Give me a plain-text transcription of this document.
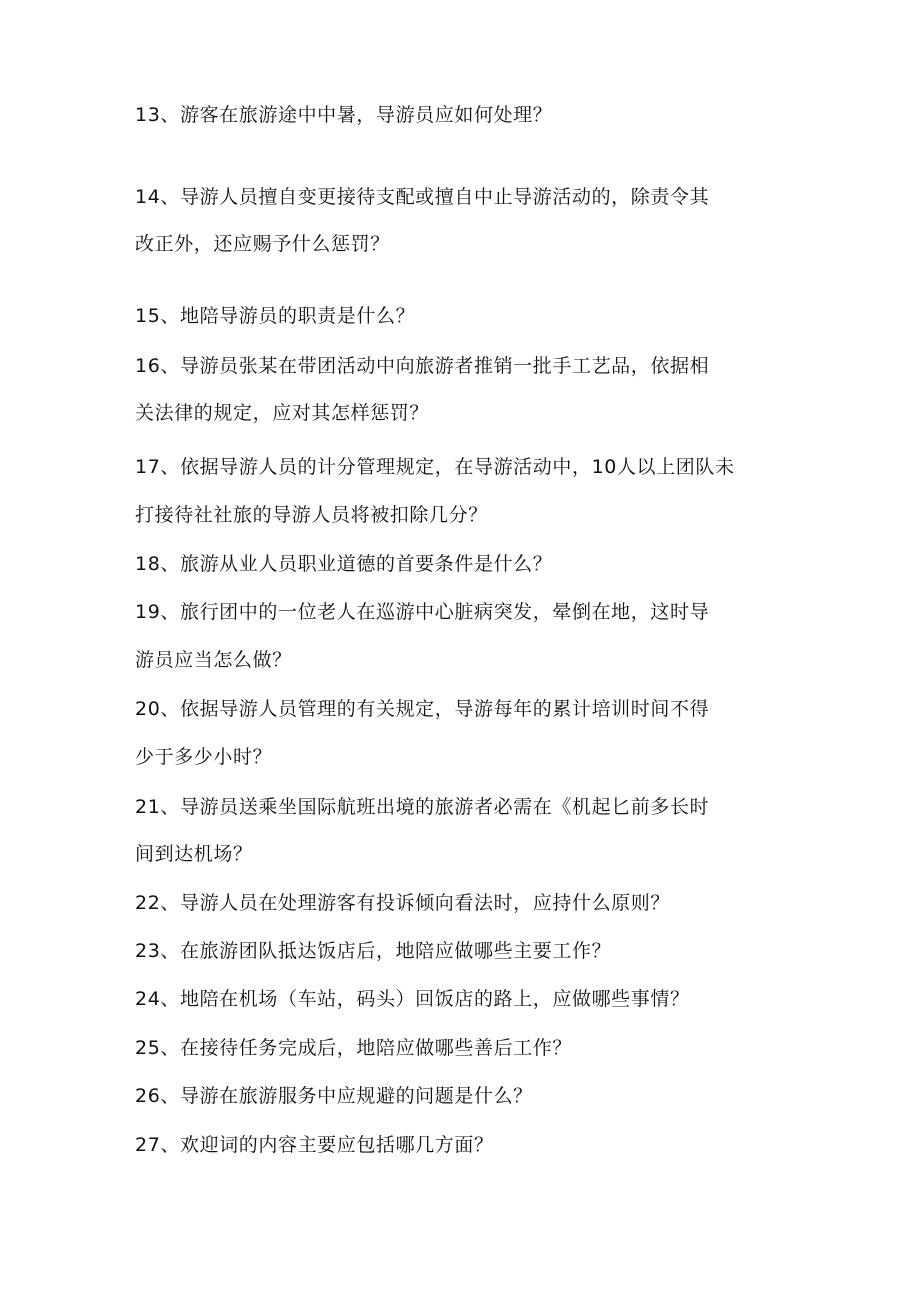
13、游客在旅游途中中暑，导游员应如何处理？
14、导游人员擅自变更接待支配或擅自中止导游活动的，除责令其
改正外，还应赐予什么惩罚？
15、地陪导游员的职责是什么？
16、导游员张某在带团活动中向旅游者推销一批手工艺品，依据相
关法律的规定，应对其怎样惩罚？
17、依据导游人员的计分管理规定，在导游活动中，10人以上团队未
打接待社社旅的导游人员将被扣除几分？
18、旅游从业人员职业道德的首要条件是什么？
19、旅行团中的一位老人在巡游中心脏病突发，晕倒在地，这时导
游员应当怎么做？
20、依据导游人员管理的有关规定，导游每年的累计培训时间不得
少于多少小时？
21、导游员送乘坐国际航班出境的旅游者必需在《机起匕前多长时
间到达机场？
22、导游人员在处理游客有投诉倾向看法时，应持什么原则？
23、在旅游团队抵达饭店后，地陪应做哪些主要工作？
24、地陪在机场（车站，码头）回饭店的路上，应做哪些事情？
25、在接待任务完成后，地陪应做哪些善后工作？
26、导游在旅游服务中应规避的问题是什么？
27、欢迎词的内容主要应包括哪几方面？
